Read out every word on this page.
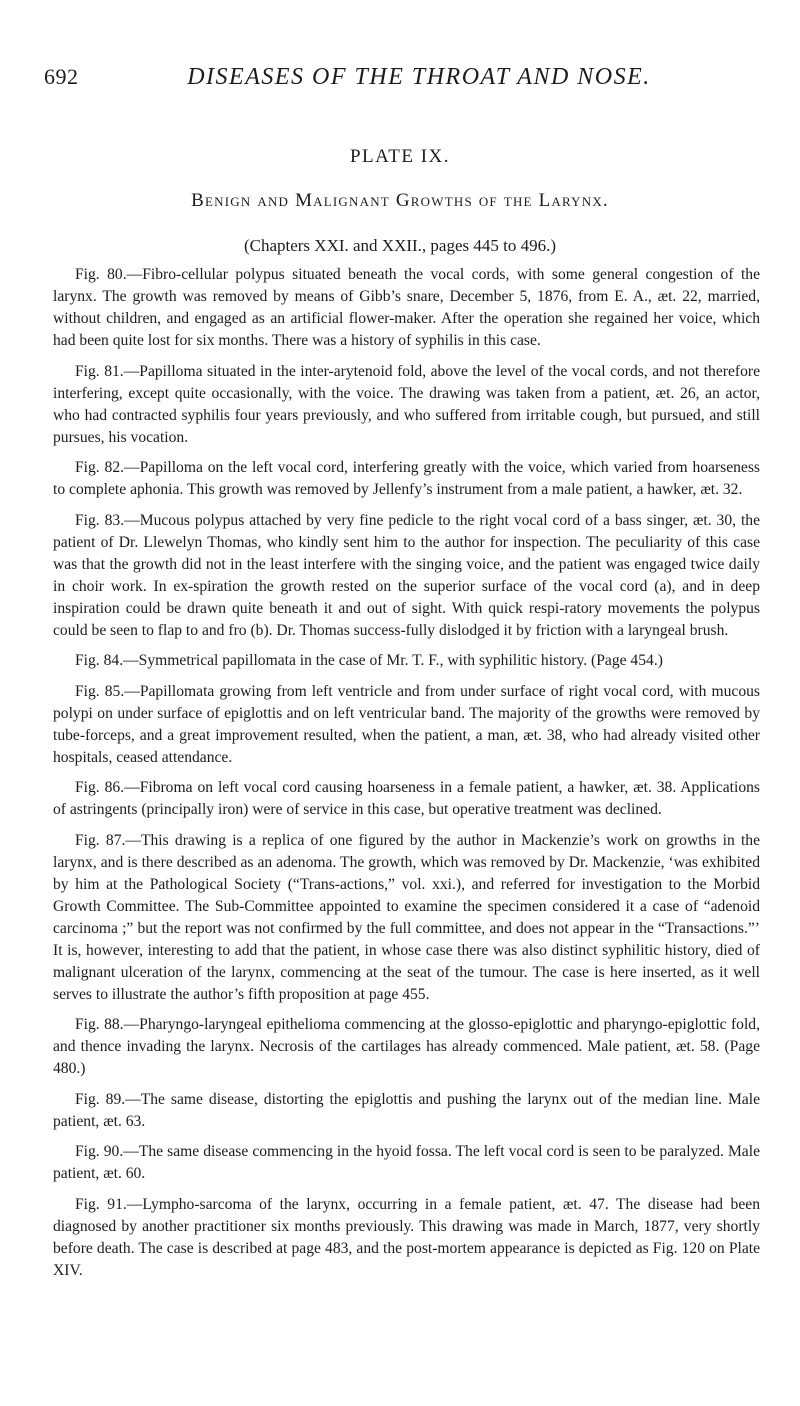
692	DISEASES OF THE THROAT AND NOSE.
PLATE IX.
Benign and Malignant Growths of the Larynx.
(Chapters XXI. and XXII., pages 445 to 496.)

Fig. 80.—Fibro-cellular polypus situated beneath the vocal cords, with some general congestion of the larynx. The growth was removed by means of Gibb’s snare, December 5, 1876, from E. A., æt. 22, married, without children, and engaged as an artificial flower-maker. After the operation she regained her voice, which had been quite lost for six months. There was a history of syphilis in this case.

Fig. 81.—Papilloma situated in the inter-arytenoid fold, above the level of the vocal cords, and not therefore interfering, except quite occasionally, with the voice. The drawing was taken from a patient, æt. 26, an actor, who had contracted syphilis four years previously, and who suffered from irritable cough, but pursued, and still pursues, his vocation.

Fig. 82.—Papilloma on the left vocal cord, interfering greatly with the voice, which varied from hoarseness to complete aphonia. This growth was removed by Jellenfy’s instrument from a male patient, a hawker, æt. 32.

Fig. 83.—Mucous polypus attached by very fine pedicle to the right vocal cord of a bass singer, æt. 30, the patient of Dr. Llewelyn Thomas, who kindly sent him to the author for inspection. The peculiarity of this case was that the growth did not in the least interfere with the singing voice, and the patient was engaged twice daily in choir work. In ex-spiration the growth rested on the superior surface of the vocal cord (a), and in deep inspiration could be drawn quite beneath it and out of sight. With quick respi-ratory movements the polypus could be seen to flap to and fro (b). Dr. Thomas success-fully dislodged it by friction with a laryngeal brush.

Fig. 84.—Symmetrical papillomata in the case of Mr. T. F., with syphilitic history. (Page 454.)

Fig. 85.—Papillomata growing from left ventricle and from under surface of right vocal cord, with mucous polypi on under surface of epiglottis and on left ventricular band. The majority of the growths were removed by tube-forceps, and a great improvement resulted, when the patient, a man, æt. 38, who had already visited other hospitals, ceased attendance.

Fig. 86.—Fibroma on left vocal cord causing hoarseness in a female patient, a hawker, æt. 38. Applications of astringents (principally iron) were of service in this case, but operative treatment was declined.

Fig. 87.—This drawing is a replica of one figured by the author in Mackenzie’s work on growths in the larynx, and is there described as an adenoma. The growth, which was removed by Dr. Mackenzie, ‘was exhibited by him at the Pathological Society (“Trans-actions,” vol. xxi.), and referred for investigation to the Morbid Growth Committee. The Sub-Committee appointed to examine the specimen considered it a case of “adenoid carcinoma ;” but the report was not confirmed by the full committee, and does not appear in the “Transactions.”’ It is, however, interesting to add that the patient, in whose case there was also distinct syphilitic history, died of malignant ulceration of the larynx, commencing at the seat of the tumour. The case is here inserted, as it well serves to illustrate the author’s fifth proposition at page 455.

Fig. 88.—Pharyngo-laryngeal epithelioma commencing at the glosso-epiglottic and pharyngo-epiglottic fold, and thence invading the larynx. Necrosis of the cartilages has already commenced. Male patient, æt. 58. (Page 480.)

Fig. 89.—The same disease, distorting the epiglottis and pushing the larynx out of the median line. Male patient, æt. 63.

Fig. 90.—The same disease commencing in the hyoid fossa. The left vocal cord is seen to be paralyzed. Male patient, æt. 60.

Fig. 91.—Lympho-sarcoma of the larynx, occurring in a female patient, æt. 47. The disease had been diagnosed by another practitioner six months previously. This drawing was made in March, 1877, very shortly before death. The case is described at page 483, and the post-mortem appearance is depicted as Fig. 120 on Plate XIV.
